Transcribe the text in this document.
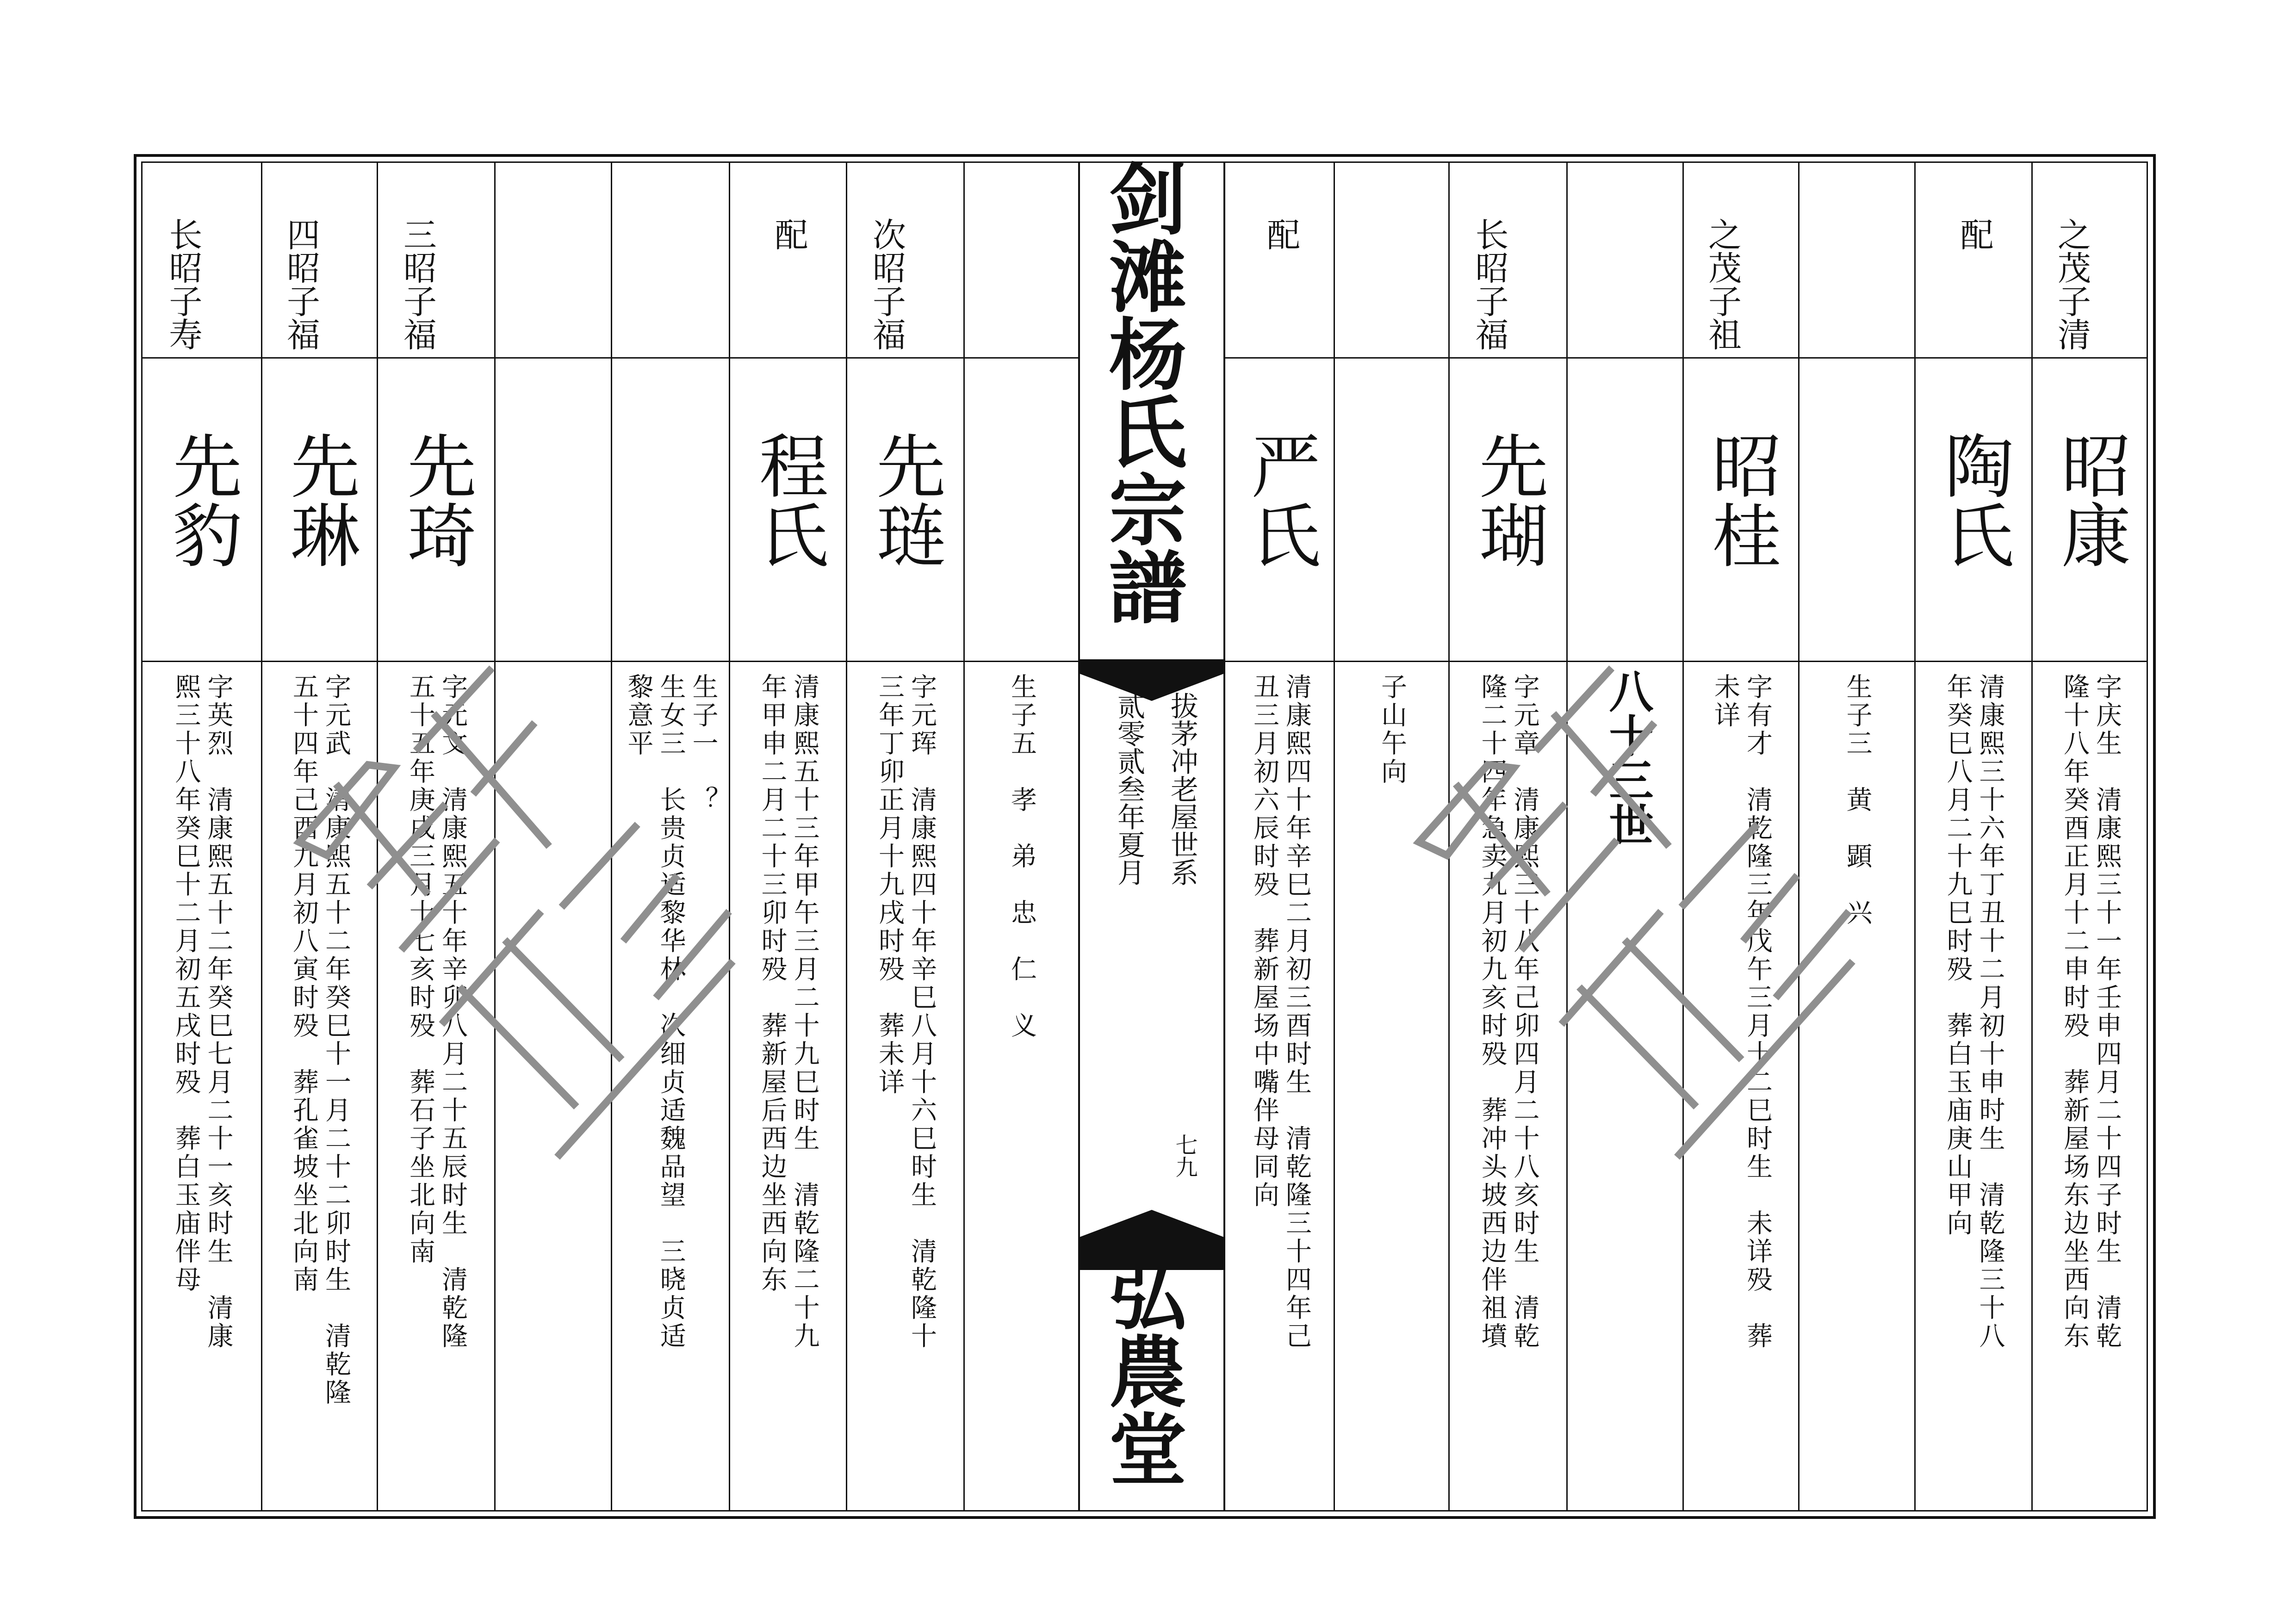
之茂子清
昭康
字庆生　清康熙三十一年壬申四月二十四子时生　清乾
隆十八年癸酉正月十二申时殁　葬新屋场东边坐西向东
配
陶氏
清康熙三十六年丁丑十二月初十申时生　清乾隆三十八
年癸巳八月二十九巳时殁　葬白玉庙庚山甲向
生子三　黄　顕　兴
之茂子祖
昭桂
字有才　清乾隆三年戊午三月十二巳时生　未详殁　葬
未详
长昭子福
先瑚
字元章　清康熙三十八年己卯四月二十八亥时生　清乾
隆二十四年急卖九月初九亥时殁　葬冲头坡西边伴祖墳
子山午向
配
严氏
清康熙四十年辛巳二月初三酉时生　清乾隆三十四年己
丑三月初六辰时殁　葬新屋场中嘴伴母同向
生子五　孝　弟　忠　仁　义
次昭子福
先琏
字元珲　清康熙四十年辛巳八月十六巳时生　清乾隆十
三年丁卯正月十九戌时殁　葬未详
配
程氏
清康熙五十三年甲午三月二十九巳时生　清乾隆二十九
年甲申二月二十三卯时殁　葬新屋后西边坐西向东
生子一　？
生女三　长贵贞适黎华林　次细贞适魏品望　三晓贞适
黎意平
三昭子福
先琦
字元文　清康熙五十年辛卯八月二十五辰时生　清乾隆
五十五年庚戌三月十七亥时殁　葬石子坐北向南
四昭子福
先琳
字元武　清康熙五十二年癸巳十一月二十二卯时生　清乾隆
五十四年己酉九月初八寅时殁　葬孔雀坡坐北向南
长昭子寿
先豹
字英烈　清康熙五十二年癸巳七月二十一亥时生　清康
熙三十八年癸巳十二月初五戌时殁　葬白玉庙伴母
剑滩杨氏宗譜
拔茅冲老屋世系
贰零贰叁年夏月
七九
弘農堂
八十三世
